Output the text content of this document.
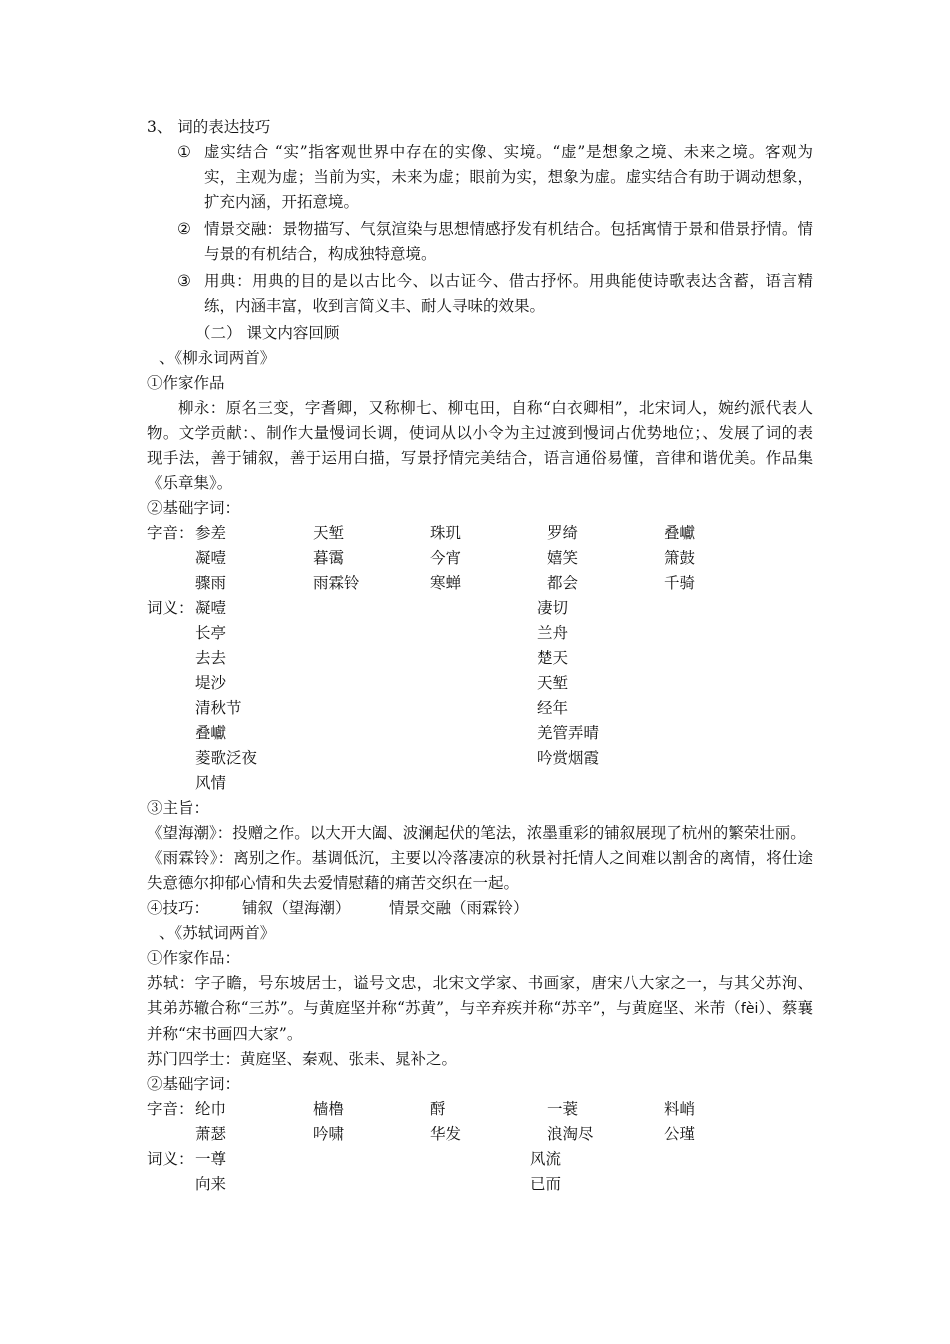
3、 词的表达技巧
① 虚实结合 “实”指客观世界中存在的实像、实境。“虚”是想象之境、未来之境。客观为实，主观为虚；当前为实，未来为虚；眼前为实，想象为虚。虚实结合有助于调动想象，扩充内涵，开拓意境。
② 情景交融：景物描写、气氛渲染与思想情感抒发有机结合。包括寓情于景和借景抒情。情与景的有机结合，构成独特意境。
③ 用典：用典的目的是以古比今、以古证今、借古抒怀。用典能使诗歌表达含蓄，语言精练，内涵丰富，收到言简义丰、耐人寻味的效果。
（二） 课文内容回顾
、《柳永词两首》
①作家作品
柳永：原名三变，字耆卿，又称柳七、柳屯田，自称“白衣卿相”，北宋词人，婉约派代表人物。文学贡献：、制作大量慢词长调，使词从以小令为主过渡到慢词占优势地位；、发展了词的表现手法，善于铺叙，善于运用白描，写景抒情完美结合，语言通俗易懂，音律和谐优美。作品集《乐章集》。
②基础字词：
字音： 参差	天堑	珠玑	罗绮	叠巘
凝噎	暮霭	今宵	嬉笑	箫鼓
骤雨	雨霖铃	寒蝉	都会	千骑
词义： 凝噎	凄切
长亭	兰舟
去去	楚天
堤沙	天堑
清秋节	经年
叠巘	羌管弄晴
菱歌泛夜	吟赏烟霞
风情
③主旨：
《望海潮》：投赠之作。以大开大阖、波澜起伏的笔法，浓墨重彩的铺叙展现了杭州的繁荣壮丽。
《雨霖铃》：离别之作。基调低沉，主要以冷落凄凉的秋景衬托情人之间难以割舍的离情，将仕途失意德尔抑郁心情和失去爱情慰藉的痛苦交织在一起。
④技巧： 铺叙（望海潮） 情景交融（雨霖铃）
、《苏轼词两首》
①作家作品：
苏轼：字子瞻，号东坡居士，谥号文忠，北宋文学家、书画家，唐宋八大家之一，与其父苏洵、其弟苏辙合称“三苏”。与黄庭坚并称“苏黄”，与辛弃疾并称“苏辛”，与黄庭坚、米芾（fèi）、蔡襄并称“宋书画四大家”。
苏门四学士：黄庭坚、秦观、张耒、晁补之。
②基础字词：
字音： 纶巾	樯橹	酹	一蓑	料峭
萧瑟	吟啸	华发	浪淘尽	公瑾
词义： 一尊	风流
向来	已而
